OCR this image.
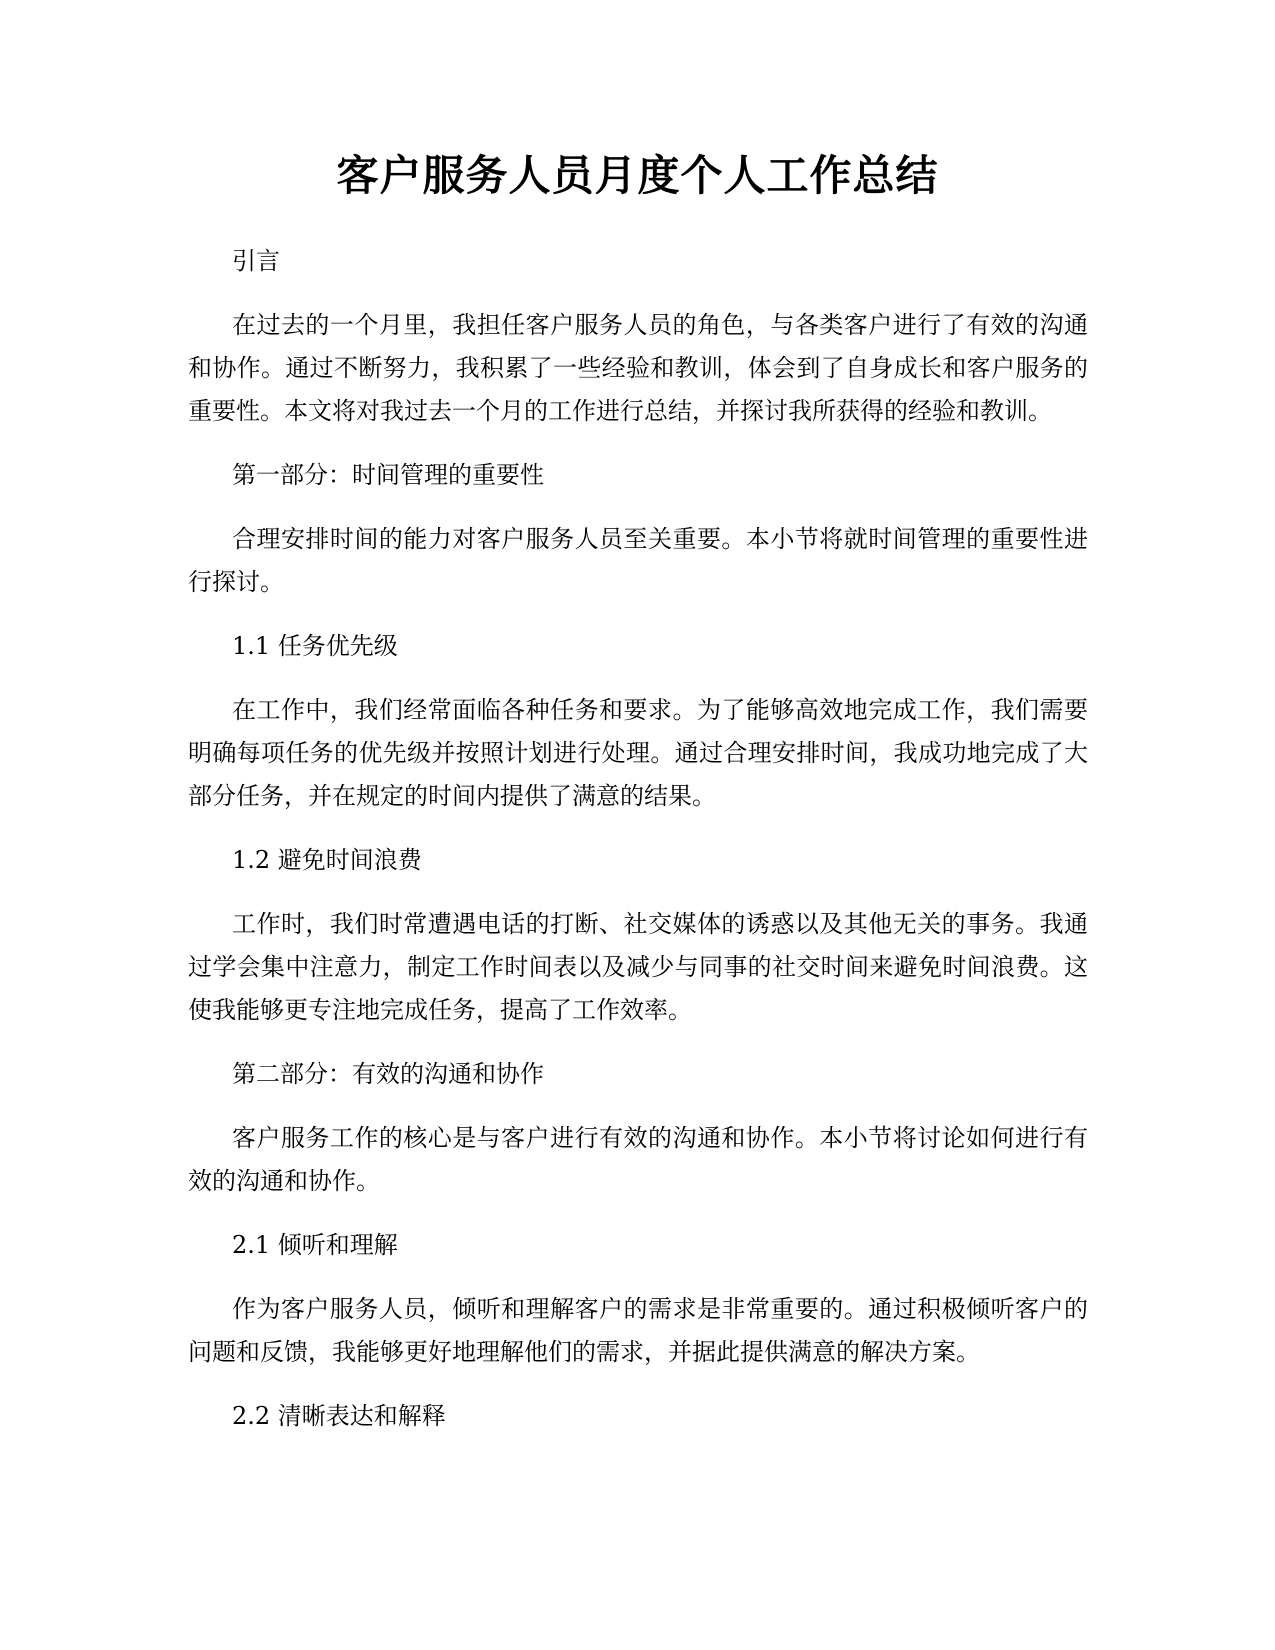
客户服务人员月度个人工作总结

引言

在过去的一个月里，我担任客户服务人员的角色，与各类客户进行了有效的沟通和协作。通过不断努力，我积累了一些经验和教训，体会到了自身成长和客户服务的重要性。本文将对我过去一个月的工作进行总结，并探讨我所获得的经验和教训。

第一部分：时间管理的重要性

合理安排时间的能力对客户服务人员至关重要。本小节将就时间管理的重要性进行探讨。

1.1 任务优先级

在工作中，我们经常面临各种任务和要求。为了能够高效地完成工作，我们需要明确每项任务的优先级并按照计划进行处理。通过合理安排时间，我成功地完成了大部分任务，并在规定的时间内提供了满意的结果。

1.2 避免时间浪费

工作时，我们时常遭遇电话的打断、社交媒体的诱惑以及其他无关的事务。我通过学会集中注意力，制定工作时间表以及减少与同事的社交时间来避免时间浪费。这使我能够更专注地完成任务，提高了工作效率。

第二部分：有效的沟通和协作

客户服务工作的核心是与客户进行有效的沟通和协作。本小节将讨论如何进行有效的沟通和协作。

2.1 倾听和理解

作为客户服务人员，倾听和理解客户的需求是非常重要的。通过积极倾听客户的问题和反馈，我能够更好地理解他们的需求，并据此提供满意的解决方案。

2.2 清晰表达和解释
